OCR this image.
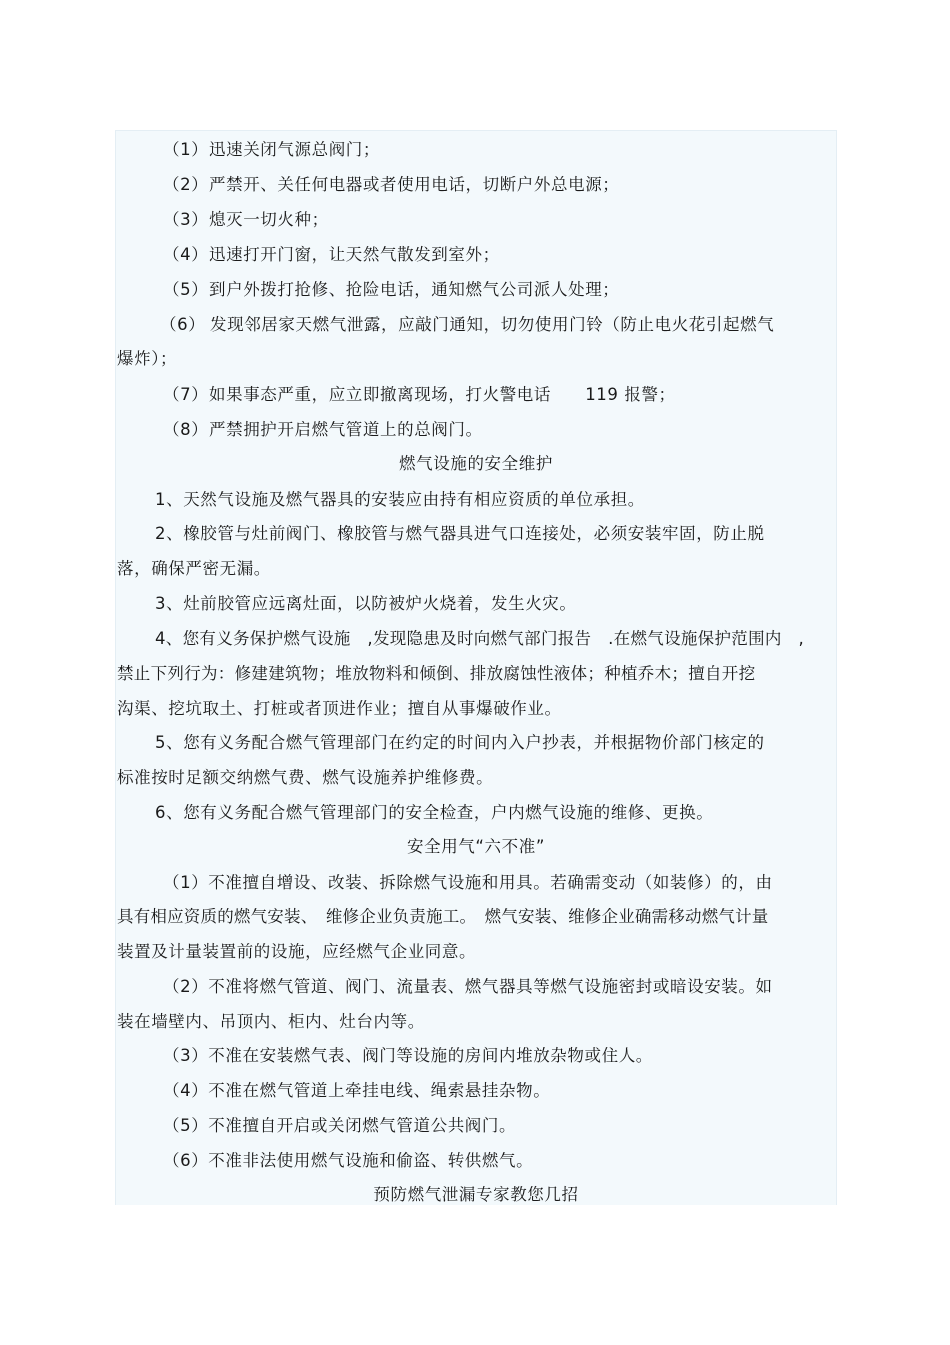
（1）迅速关闭气源总阀门；
（2）严禁开、关任何电器或者使用电话，切断户外总电源；
（3）熄灭一切火种；
（4）迅速打开门窗，让天然气散发到室外；
（5）到户外拨打抢修、抢险电话，通知燃气公司派人处理；
（6） 发现邻居家天燃气泄露，应敲门通知，切勿使用门铃（防止电火花引起燃气
爆炸）；
（7）如果事态严重，应立即撤离现场，打火警电话　　119 报警；
（8）严禁拥护开启燃气管道上的总阀门。
燃气设施的安全维护
1、天然气设施及燃气器具的安装应由持有相应资质的单位承担。
2、橡胶管与灶前阀门、橡胶管与燃气器具进气口连接处，必须安装牢固，防止脱
落，确保严密无漏。
3、灶前胶管应远离灶面，以防被炉火烧着，发生火灾。
4、您有义务保护燃气设施　,发现隐患及时向燃气部门报告　.在燃气设施保护范围内　,
禁止下列行为：修建建筑物；堆放物料和倾倒、排放腐蚀性液体；种植乔木；擅自开挖
沟渠、挖坑取土、打桩或者顶进作业；擅自从事爆破作业。
5、您有义务配合燃气管理部门在约定的时间内入户抄表，并根据物价部门核定的
标准按时足额交纳燃气费、燃气设施养护维修费。
6、您有义务配合燃气管理部门的安全检查，户内燃气设施的维修、更换。
安全用气“六不准”
（1）不准擅自增设、改装、拆除燃气设施和用具。若确需变动（如装修）的，由
具有相应资质的燃气安装、　维修企业负责施工。　燃气安装、维修企业确需移动燃气计量
装置及计量装置前的设施，应经燃气企业同意。
（2）不准将燃气管道、阀门、流量表、燃气器具等燃气设施密封或暗设安装。如
装在墙壁内、吊顶内、柜内、灶台内等。
（3）不准在安装燃气表、阀门等设施的房间内堆放杂物或住人。
（4）不准在燃气管道上牵挂电线、绳索悬挂杂物。
（5）不准擅自开启或关闭燃气管道公共阀门。
（6）不准非法使用燃气设施和偷盗、转供燃气。
预防燃气泄漏专家教您几招
